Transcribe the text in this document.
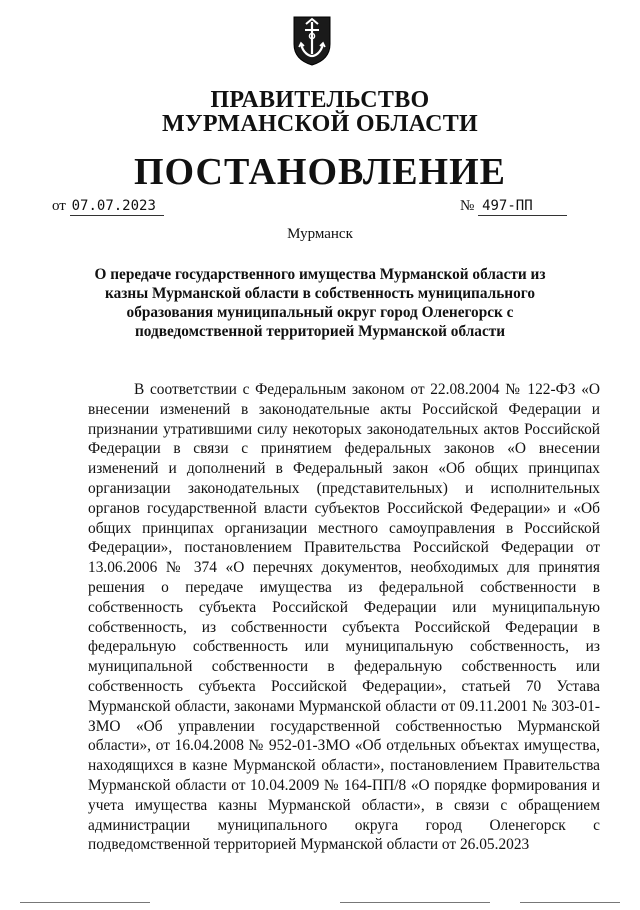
ПРАВИТЕЛЬСТВО
МУРМАНСКОЙ ОБЛАСТИ
ПОСТАНОВЛЕНИЕ
от 07.07.2023	№ 497-ПП
Мурманск
О передаче государственного имущества Мурманской области из казны Мурманской области в собственность муниципального образования муниципальный округ город Оленегорск с подведомственной территорией Мурманской области
В соответствии с Федеральным законом от 22.08.2004 № 122-ФЗ «О внесении изменений в законодательные акты Российской Федерации и признании утратившими силу некоторых законодательных актов Российской Федерации в связи с принятием федеральных законов «О внесении изменений и дополнений в Федеральный закон «Об общих принципах организации законодательных (представительных) и исполнительных органов государственной власти субъектов Российской Федерации» и «Об общих принципах организации местного самоуправления в Российской Федерации», постановлением Правительства Российской Федерации от 13.06.2006 № 374 «О перечнях документов, необходимых для принятия решения о передаче имущества из федеральной собственности в собственность субъекта Российской Федерации или муниципальную собственность, из собственности субъекта Российской Федерации в федеральную собственность или муниципальную собственность, из муниципальной собственности в федеральную собственность или собственность субъекта Российской Федерации», статьей 70 Устава Мурманской области, законами Мурманской области от 09.11.2001 № 303-01-ЗМО «Об управлении государственной собственностью Мурманской области», от 16.04.2008 № 952-01-ЗМО «Об отдельных объектах имущества, находящихся в казне Мурманской области», постановлением Правительства Мурманской области от 10.04.2009 № 164-ПП/8 «О порядке формирования и учета имущества казны Мурманской области», в связи с обращением администрации муниципального округа город Оленегорск с подведомственной территорией Мурманской области от 26.05.2023
